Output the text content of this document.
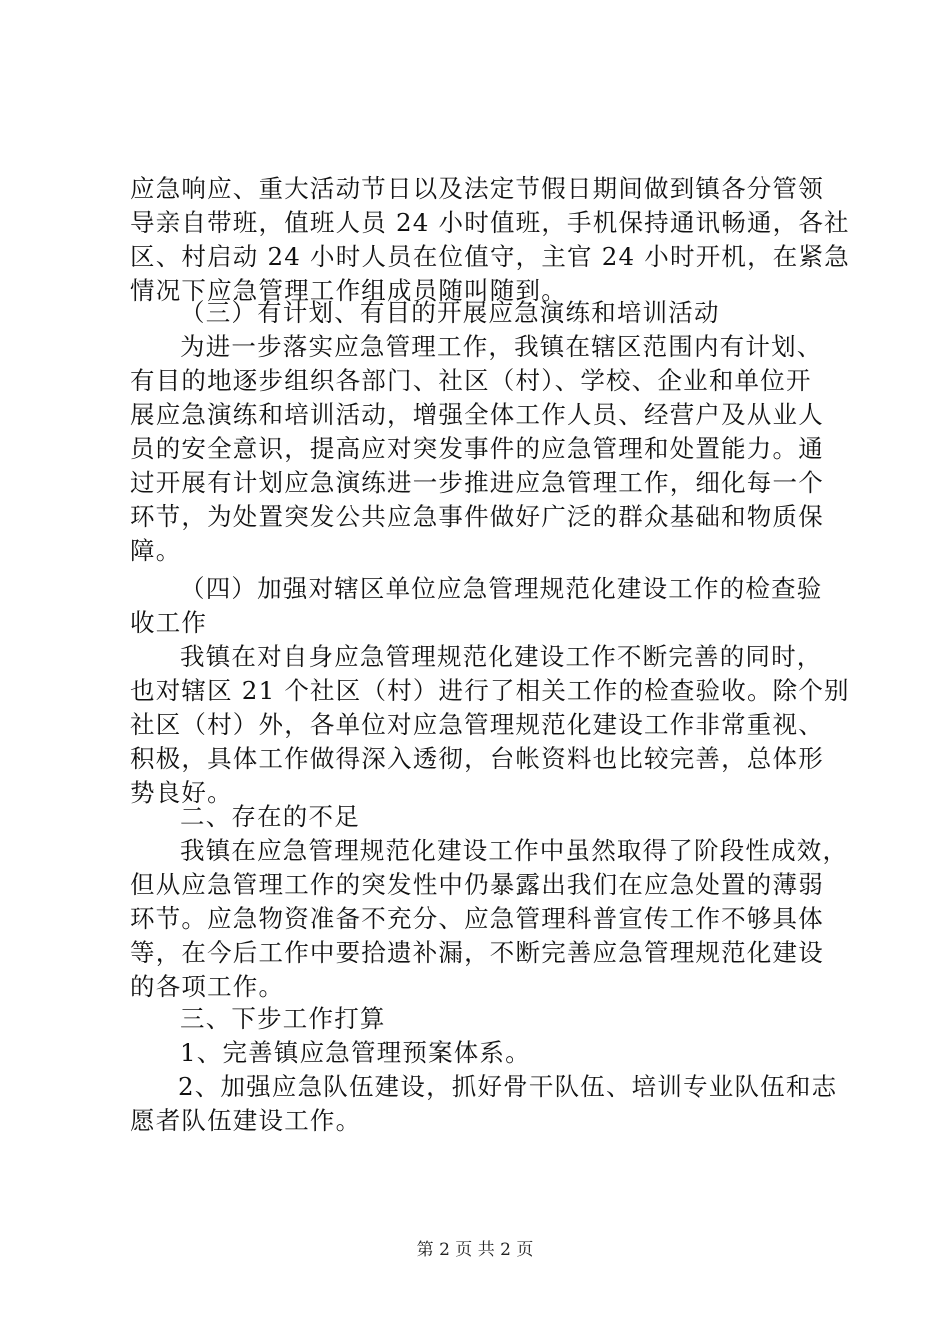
应急响应、重大活动节日以及法定节假日期间做到镇各分管领
导亲自带班，值班人员 24 小时值班，手机保持通讯畅通，各社
区、村启动 24 小时人员在位值守，主官 24 小时开机，在紧急
情况下应急管理工作组成员随叫随到。
（三）有计划、有目的开展应急演练和培训活动
为进一步落实应急管理工作，我镇在辖区范围内有计划、
有目的地逐步组织各部门、社区（村）、学校、企业和单位开
展应急演练和培训活动，增强全体工作人员、经营户及从业人
员的安全意识，提高应对突发事件的应急管理和处置能力。通
过开展有计划应急演练进一步推进应急管理工作，细化每一个
环节，为处置突发公共应急事件做好广泛的群众基础和物质保
障。
（四）加强对辖区单位应急管理规范化建设工作的检查验
收工作
我镇在对自身应急管理规范化建设工作不断完善的同时，
也对辖区 21 个社区（村）进行了相关工作的检查验收。除个别
社区（村）外，各单位对应急管理规范化建设工作非常重视、
积极，具体工作做得深入透彻，台帐资料也比较完善，总体形
势良好。
二、存在的不足
我镇在应急管理规范化建设工作中虽然取得了阶段性成效，
但从应急管理工作的突发性中仍暴露出我们在应急处置的薄弱
环节。应急物资准备不充分、应急管理科普宣传工作不够具体
等，在今后工作中要拾遗补漏，不断完善应急管理规范化建设
的各项工作。
三、下步工作打算
1、完善镇应急管理预案体系。
2、加强应急队伍建设，抓好骨干队伍、培训专业队伍和志
愿者队伍建设工作。
第 2 页 共 2 页
